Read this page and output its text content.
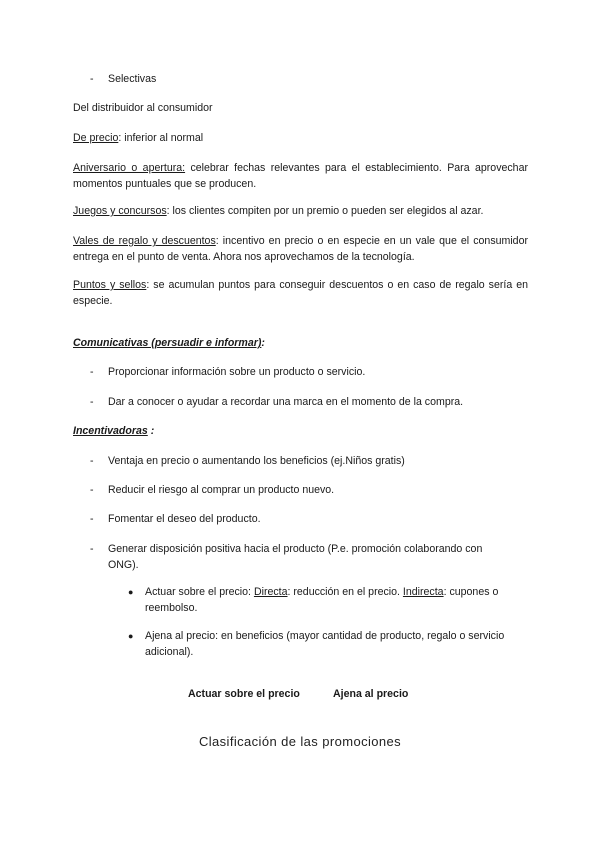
- Selectivas
Del distribuidor al consumidor
De precio: inferior al normal
Aniversario o apertura: celebrar fechas relevantes para el establecimiento. Para aprovechar momentos puntuales que se producen.
Juegos y concursos: los clientes compiten por un premio o pueden ser elegidos al azar.
Vales de regalo y descuentos: incentivo en precio o en especie en un vale que el consumidor entrega en el punto de venta. Ahora nos aprovechamos de la tecnología.
Puntos y sellos: se acumulan puntos para conseguir descuentos o en caso de regalo sería en especie.
Comunicativas (persuadir e informar):
- Proporcionar información sobre un producto o servicio.
- Dar a conocer o ayudar a recordar una marca en el momento de la compra.
Incentivadoras :
- Ventaja en precio o aumentando los beneficios (ej.Niños gratis)
- Reducir el riesgo al comprar un producto nuevo.
- Fomentar el deseo del producto.
- Generar disposición positiva hacia el producto (P.e. promoción colaborando con ONG).
● Actuar sobre el precio: Directa: reducción en el precio. Indirecta: cupones o reembolso.
● Ajena al precio: en beneficios (mayor cantidad de producto, regalo o servicio adicional).
Actuar sobre el precio	Ajena al precio
Clasificación de las promociones
